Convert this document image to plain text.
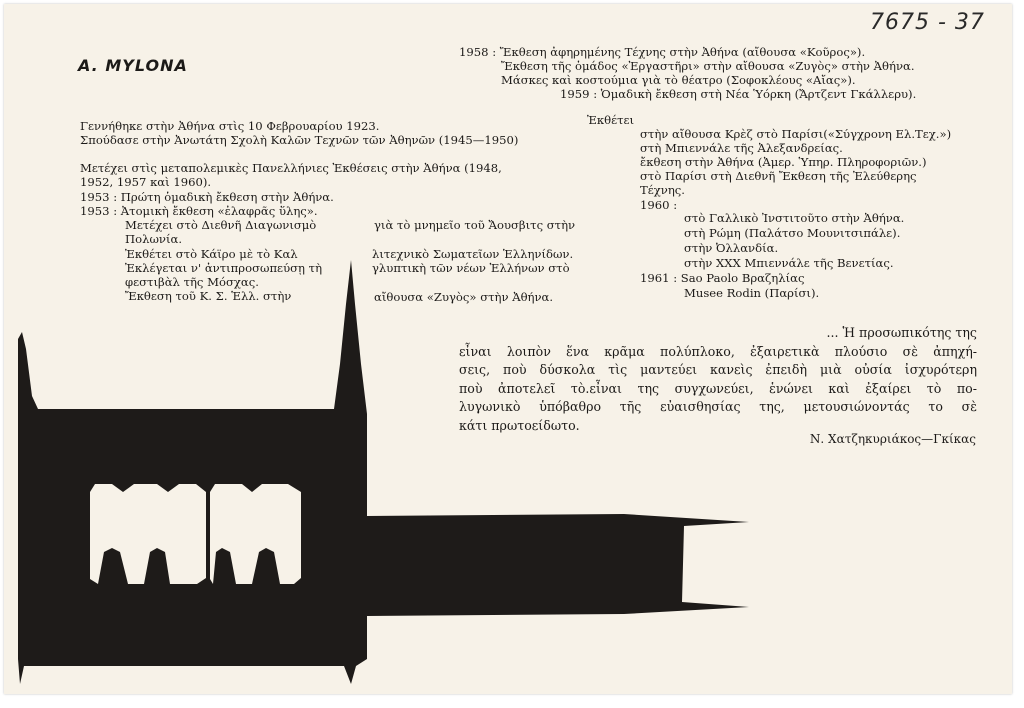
7675 - 37
A. MYLONA
1958 : Ἔκθεση ἀφηρημένης Τέχνης στὴν Ἀθήνα (αἴθουσα «Κοῦρος»).
Ἔκθεση τῆς ὁμάδος «Ἐργαστῆρι» στὴν αἴθουσα «Ζυγὸς» στὴν Ἀθήνα.
Μάσκες καὶ κοστούμια γιὰ τὸ θέατρο (Σοφοκλέους «Αἴας»).
1959 : Ὁμαδικὴ ἔκθεση στὴ Νέα Ὑόρκη (Ἄρτζεντ Γκάλλερυ).
Ἐκθέτει
στὴν αἴθουσα Κρὲζ στὸ Παρίσι(«Σύγχρονη Ελ.Τεχ.»)
στὴ Μπιεννάλε τῆς Ἀλεξανδρείας.
ἔκθεση στὴν Ἀθήνα (Ἀμερ. Ὑπηρ. Πληροφοριῶν.)
στὸ Παρίσι στὴ Διεθνῆ Ἔκθεση τῆς Ἐλεύθερης
Τέχνης.
1960 :
στὸ Γαλλικὸ Ἰνστιτοῦτο στὴν Ἀθήνα.
στὴ Ρώμη (Παλάτσο Μουνιτσιπάλε).
στὴν Ὀλλανδία.
στὴν XXX Μπιεννάλε τῆς Βενετίας.
1961 : Sao Paolo Βραζηλίας
Musee Rodin (Παρίσι).
Γεννήθηκε στὴν Ἀθήνα στὶς 10 Φεβρουαρίου 1923.
Σπούδασε στὴν Ἀνωτάτη Σχολὴ Καλῶν Τεχνῶν τῶν Ἀθηνῶν (1945—1950)
Μετέχει στὶς μεταπολεμικὲς Πανελλήνιες Ἐκθέσεις στὴν Ἀθήνα (1948,
1952, 1957 καὶ 1960).
1953 : Πρώτη ὁμαδικὴ ἔκθεση στὴν Ἀθήνα.
1953 : Ἀτομικὴ ἔκθεση «ἐλαφρᾶς ὕλης».
Μετέχει στὸ Διεθνῆ Διαγωνισμὸ	γιὰ τὸ μνημεῖο τοῦ Ἄουσβιτς στὴν
Πολωνία.
Ἐκθέτει στὸ Κάϊρο μὲ τὸ Καλ	λιτεχνικὸ Σωματεῖων Ἑλληνίδων.
Ἐκλέγεται ν' ἀντιπροσωπεύσῃ τὴ	γλυπτικὴ τῶν νέων Ἑλλήνων στὸ
φεστιβὰλ τῆς Μόσχας.
Ἔκθεση τοῦ Κ. Σ. Ἑλλ. στὴν	αἴθουσα «Ζυγὸς» στὴν Ἀθήνα.
... Ἡ προσωπικότης της
εἶναι λοιπὸν ἕνα κρᾶμα πολύπλοκο, ἐξαιρετικὰ πλούσιο σὲ ἀπηχή-
σεις, ποὺ δύσκολα τὶς μαντεύει κανεὶς ἐπειδὴ μιὰ οὐσία ἰσχυρότερη
ποὺ ἀποτελεῖ τὸ.εἶναι της συγχωνεύει, ἑνώνει καὶ ἐξαίρει τὸ πο-
λυγωνικὸ ὑπόβαθρο τῆς εὐαισθησίας της, μετουσιώνοντάς το σὲ
κάτι πρωτοείδωτο.
Ν. Χατζηκυριάκος—Γκίκας
